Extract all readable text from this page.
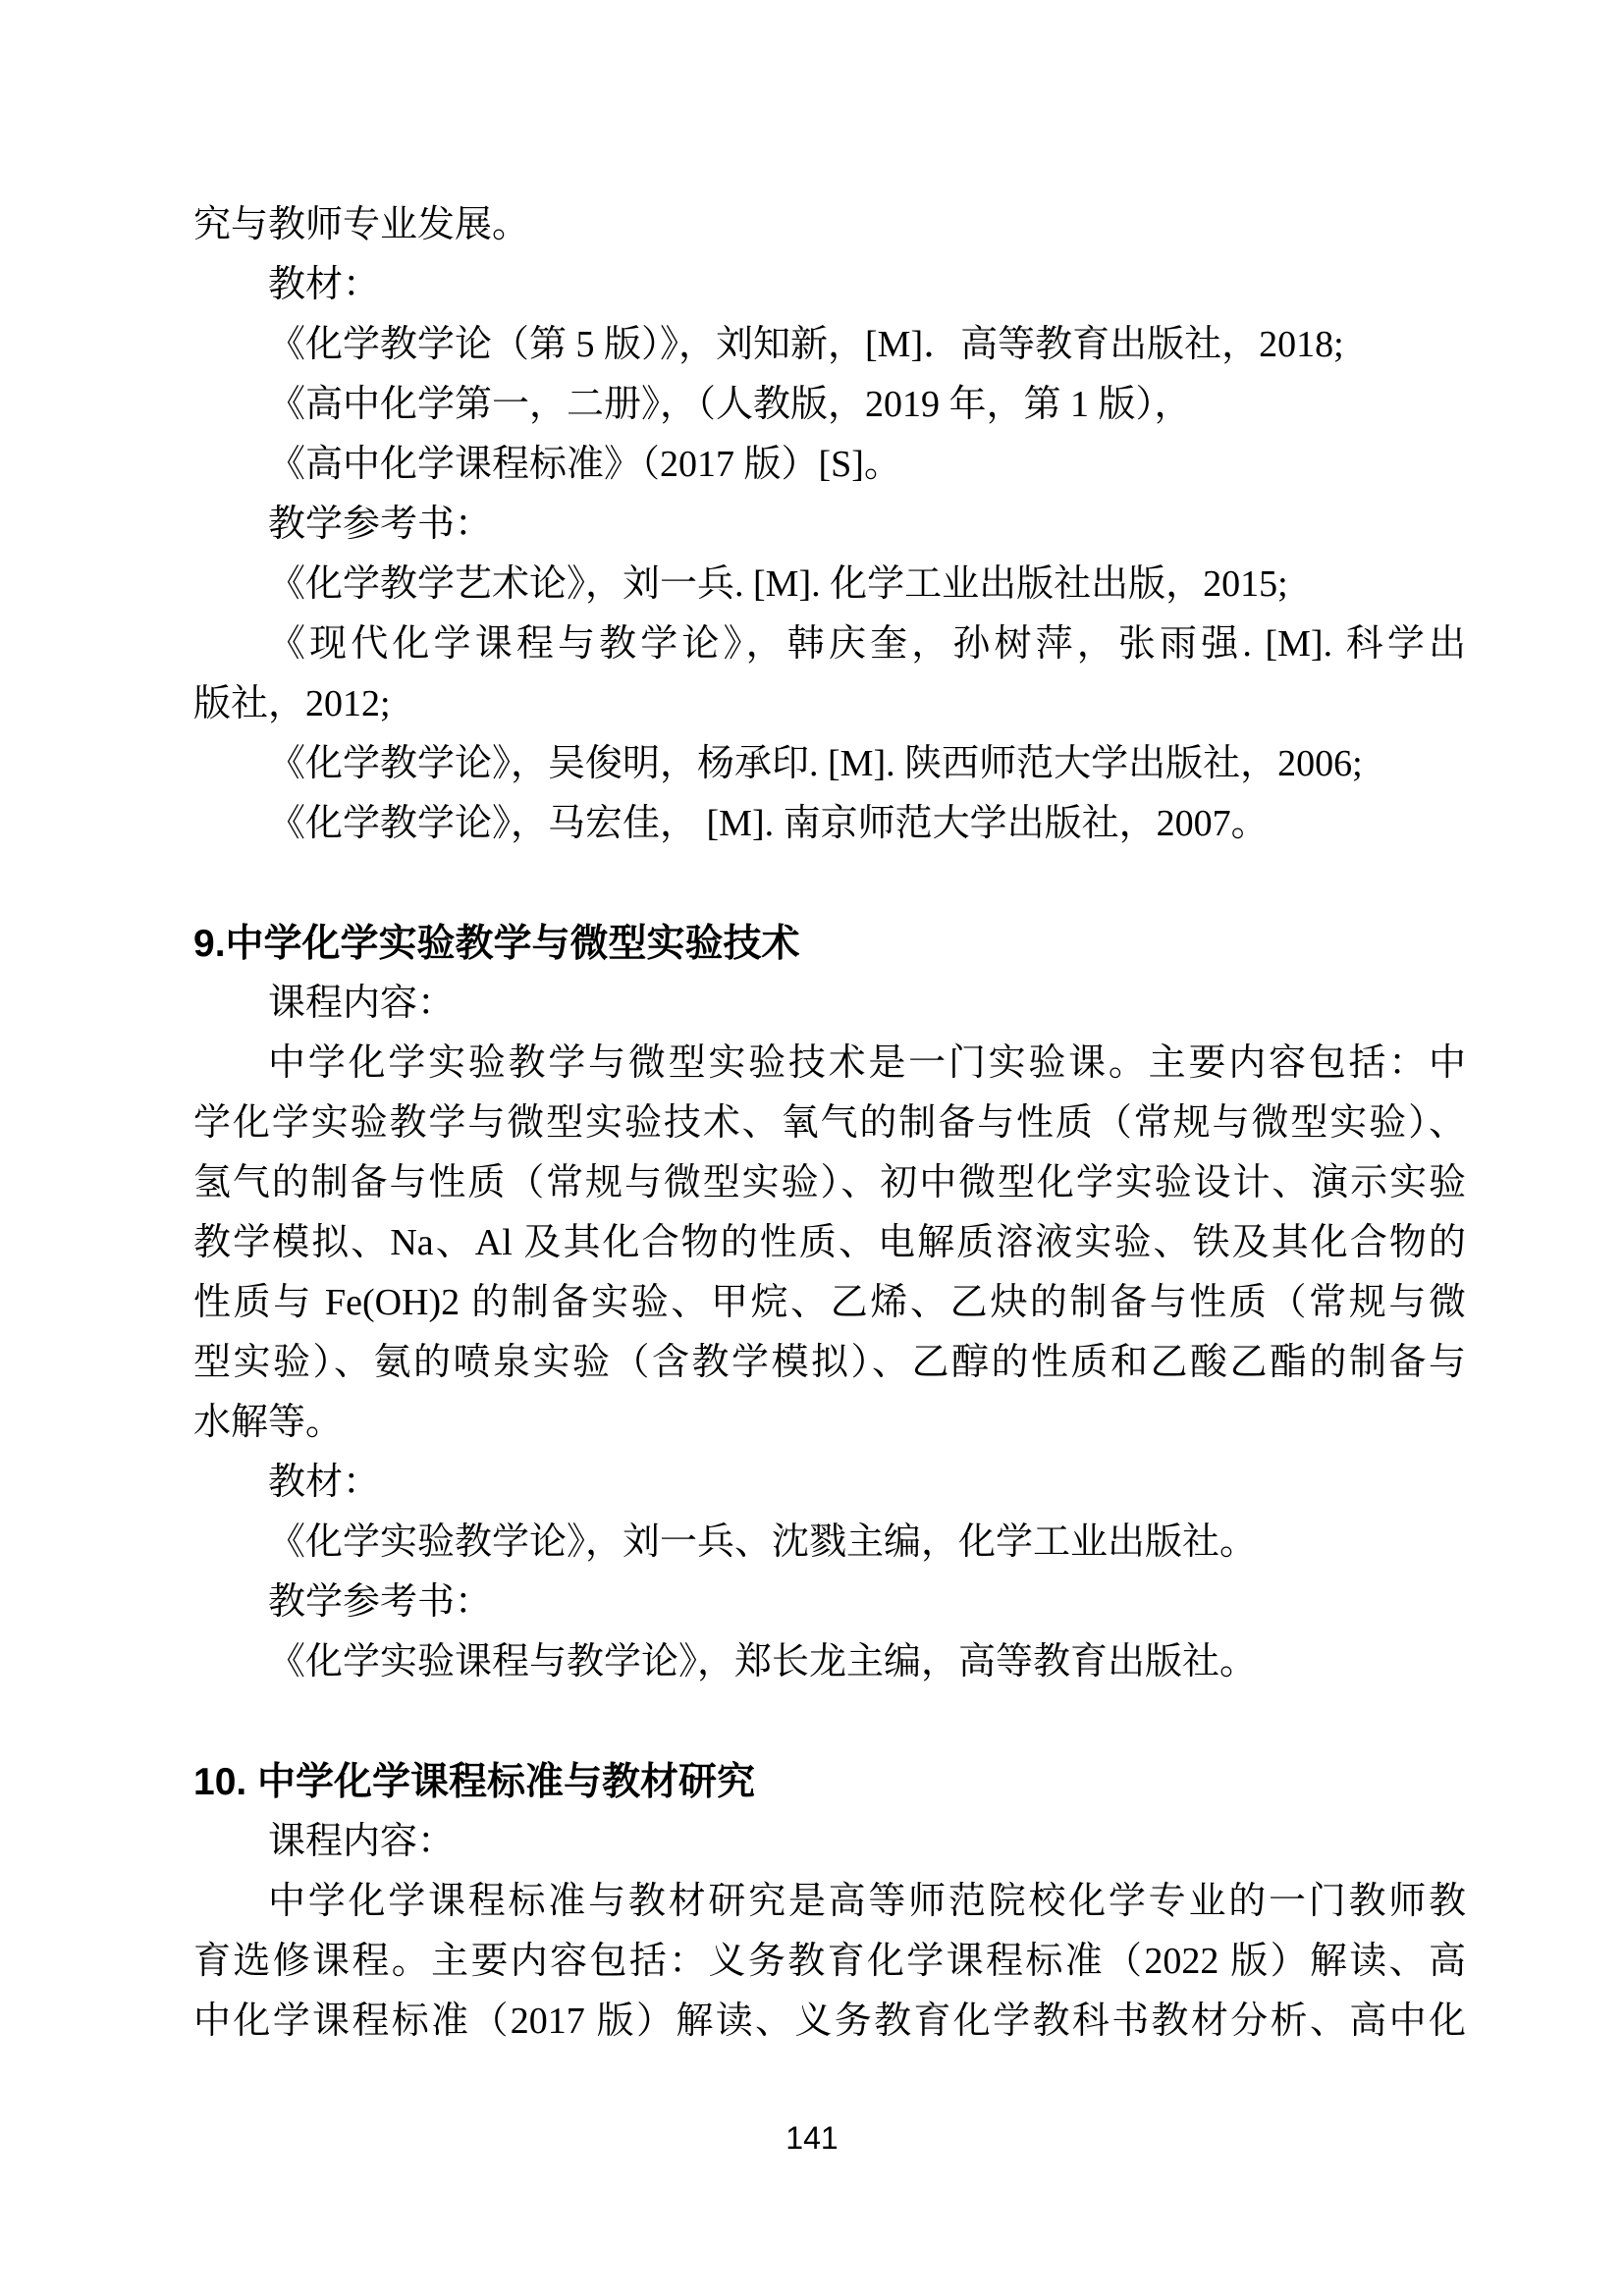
究与教师专业发展。
教材：
《化学教学论（第 5 版）》，刘知新，[M]．高等教育出版社，2018;
《高中化学第一，二册》，（人教版，2019 年，第 1 版），
《高中化学课程标准》（2017 版）[S]。
教学参考书：
《化学教学艺术论》，刘一兵. [M]. 化学工业出版社出版，2015;
《现代化学课程与教学论》，韩庆奎，孙树萍，张雨强. [M]. 科学出
版社，2012;
《化学教学论》，吴俊明，杨承印. [M]. 陕西师范大学出版社，2006;
《化学教学论》，马宏佳， [M]. 南京师范大学出版社，2007。
9.中学化学实验教学与微型实验技术
课程内容：
中学化学实验教学与微型实验技术是一门实验课。主要内容包括：中
学化学实验教学与微型实验技术、氧气的制备与性质（常规与微型实验）、
氢气的制备与性质（常规与微型实验）、初中微型化学实验设计、演示实验
教学模拟、Na、Al 及其化合物的性质、电解质溶液实验、铁及其化合物的
性质与 Fe(OH)2 的制备实验、甲烷、乙烯、乙炔的制备与性质（常规与微
型实验）、氨的喷泉实验（含教学模拟）、乙醇的性质和乙酸乙酯的制备与
水解等。
教材：
《化学实验教学论》，刘一兵、沈戮主编，化学工业出版社。
教学参考书：
《化学实验课程与教学论》，郑长龙主编，高等教育出版社。
10. 中学化学课程标准与教材研究
课程内容：
中学化学课程标准与教材研究是高等师范院校化学专业的一门教师教
育选修课程。主要内容包括：义务教育化学课程标准（2022 版）解读、高
中化学课程标准（2017 版）解读、义务教育化学教科书教材分析、高中化
141
